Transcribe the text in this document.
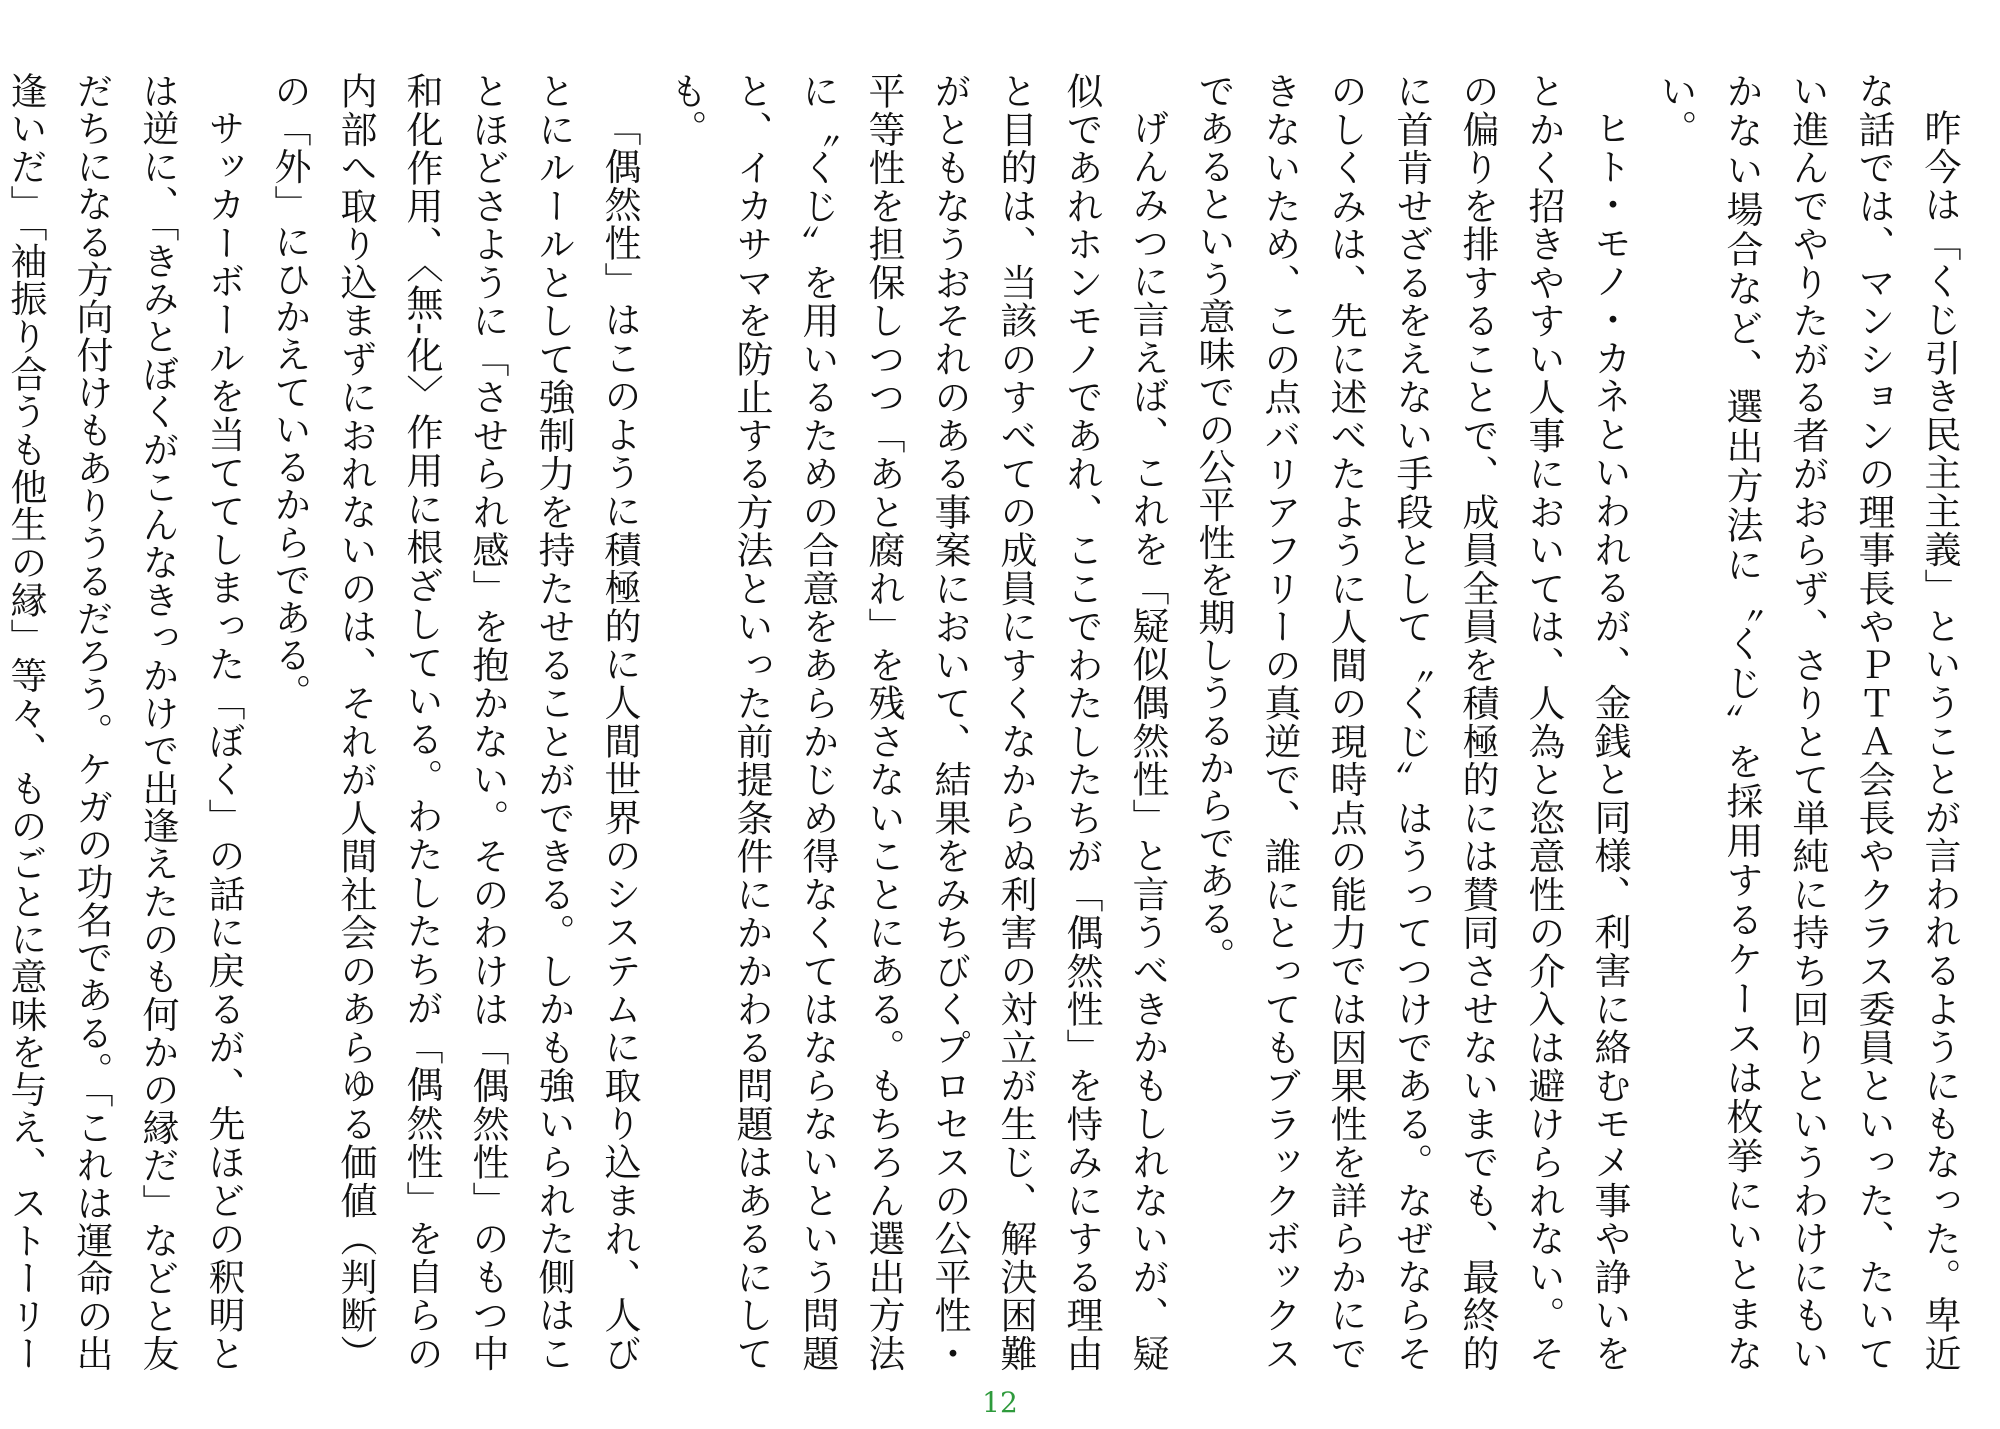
昨今は「くじ引き民主主義」ということが言われるようにもなった。卑近な話では、マンションの理事長やＰＴＡ会長やクラス委員といった、たいてい進んでやりたがる者がおらず、さりとて単純に持ち回りというわけにもいかない場合など、選出方法に〝くじ〟を採用するケースは枚挙にいとまない。

ヒト・モノ・カネといわれるが、金銭と同様、利害に絡むモメ事や諍いをとかく招きやすい人事においては、人為と恣意性の介入は避けられない。その偏りを排することで、成員全員を積極的には賛同させないまでも、最終的に首肯せざるをえない手段として〝くじ〟はうってつけである。なぜならそのしくみは、先に述べたように人間の現時点の能力では因果性を詳らかにできないため、この点バリアフリーの真逆で、誰にとってもブラックボックスであるという意味での公平性を期しうるからである。

げんみつに言えば、これを「疑似偶然性」と言うべきかもしれないが、疑似であれホンモノであれ、ここでわたしたちが「偶然性」を恃みにする理由と目的は、当該のすべての成員にすくなからぬ利害の対立が生じ、解決困難がともなうおそれのある事案において、結果をみちびくプロセスの公平性・平等性を担保しつつ「あと腐れ」を残さないことにある。もちろん選出方法に〝くじ〟を用いるための合意をあらかじめ得なくてはならないという問題と、イカサマを防止する方法といった前提条件にかかわる問題はあるにしても。

「偶然性」はこのように積極的に人間世界のシステムに取り込まれ、人びとにルールとして強制力を持たせることができる。しかも強いられた側はことほどさように「させられ感」を抱かない。そのわけは「偶然性」のもつ中和化作用、〈無-化〉作用に根ざしている。わたしたちが「偶然性」を自らの内部へ取り込まずにおれないのは、それが人間社会のあらゆる価値（判断）の「外」にひかえているからである。

サッカーボールを当ててしまった「ぼく」の話に戻るが、先ほどの釈明とは逆に、「きみとぼくがこんなきっかけで出逢えたのも何かの縁だ」などと友だちになる方向付けもありうるだろう。ケガの功名である。「これは運命の出逢いだ」「袖振り合うも他生の縁」等々、ものごとに意味を与え、ストーリー

12
